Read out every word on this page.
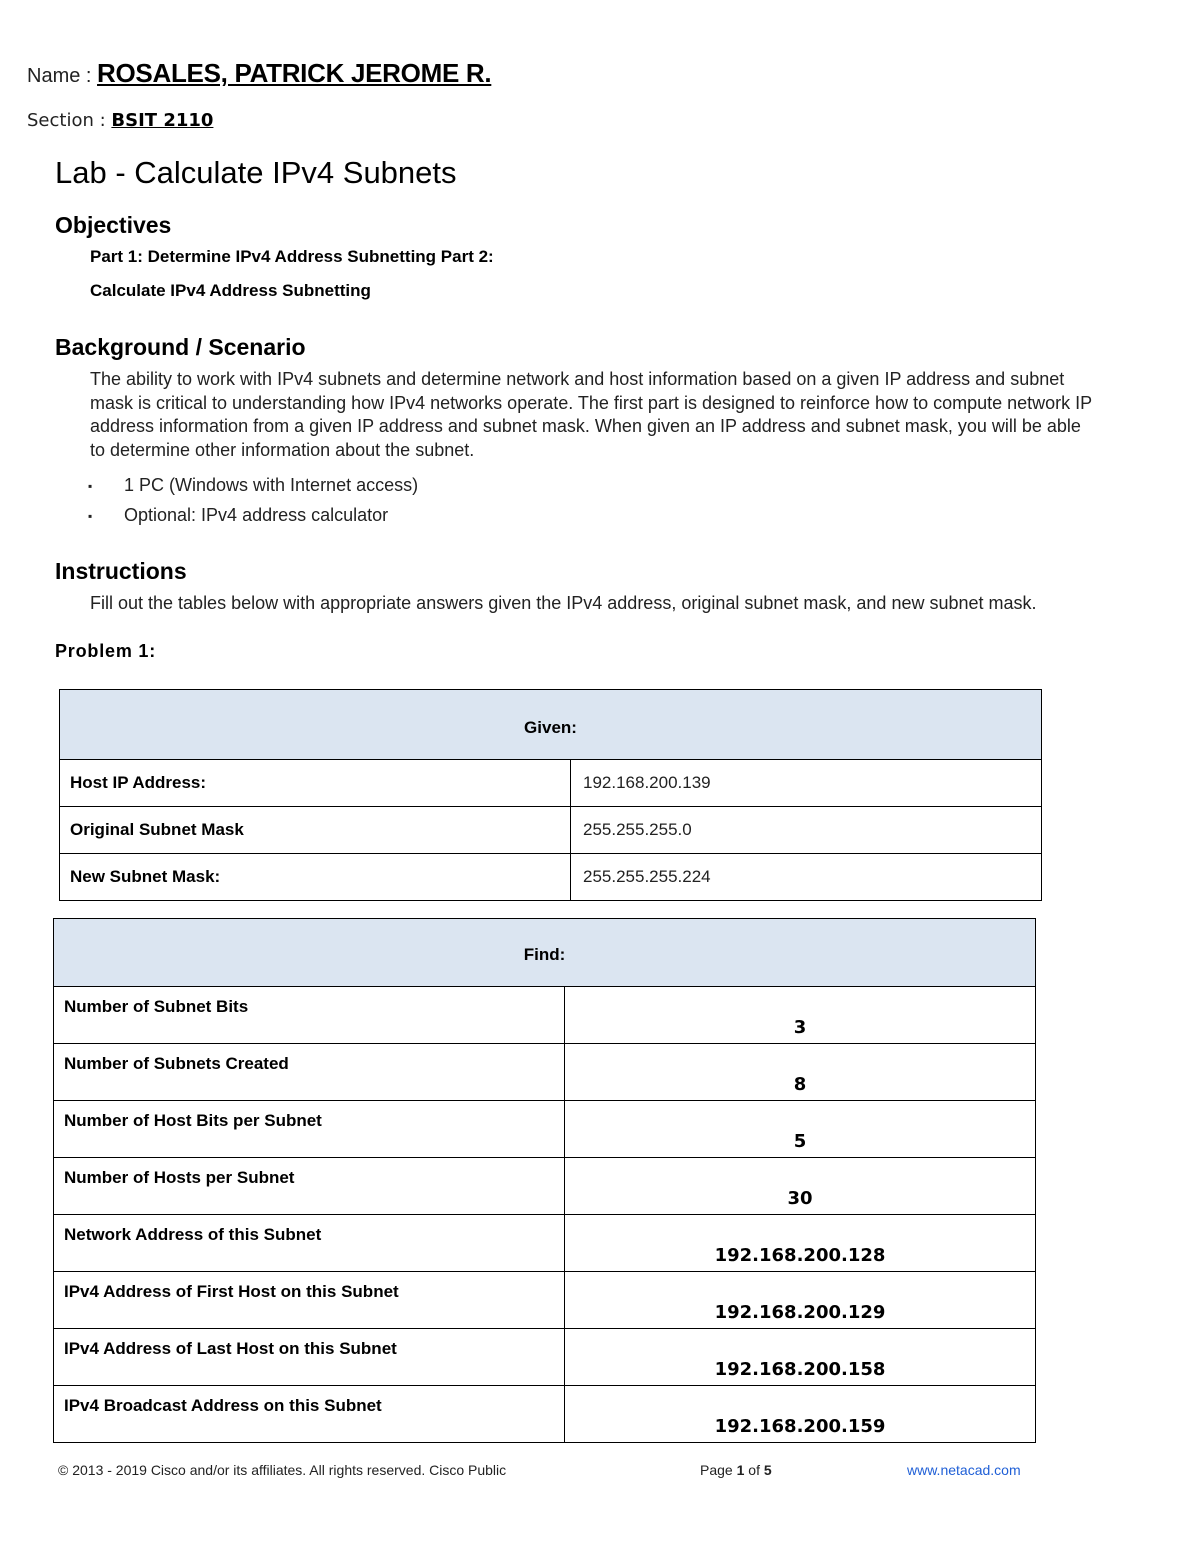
Name : ROSALES, PATRICK JEROME R.
Section : BSIT 2110
Lab - Calculate IPv4 Subnets
Objectives
Part 1: Determine IPv4 Address Subnetting Part 2:
Calculate IPv4 Address Subnetting
Background / Scenario
The ability to work with IPv4 subnets and determine network and host information based on a given IP address and subnet mask is critical to understanding how IPv4 networks operate. The first part is designed to reinforce how to compute network IP address information from a given IP address and subnet mask. When given an IP address and subnet mask, you will be able to determine other information about the subnet.
▪ 1 PC (Windows with Internet access)
▪ Optional: IPv4 address calculator
Instructions
Fill out the tables below with appropriate answers given the IPv4 address, original subnet mask, and new subnet mask.
Problem 1:
Given:	
Host IP Address:	192.168.200.139
Original Subnet Mask	255.255.255.0
New Subnet Mask:	255.255.255.224
Find:	
Number of Subnet Bits	3
Number of Subnets Created	8
Number of Host Bits per Subnet	5
Number of Hosts per Subnet	30
Network Address of this Subnet	192.168.200.128
IPv4 Address of First Host on this Subnet	192.168.200.129
IPv4 Address of Last Host on this Subnet	192.168.200.158
IPv4 Broadcast Address on this Subnet	192.168.200.159
© 2013 - 2019 Cisco and/or its affiliates. All rights reserved. Cisco Public	Page 1 of 5	www.netacad.com
